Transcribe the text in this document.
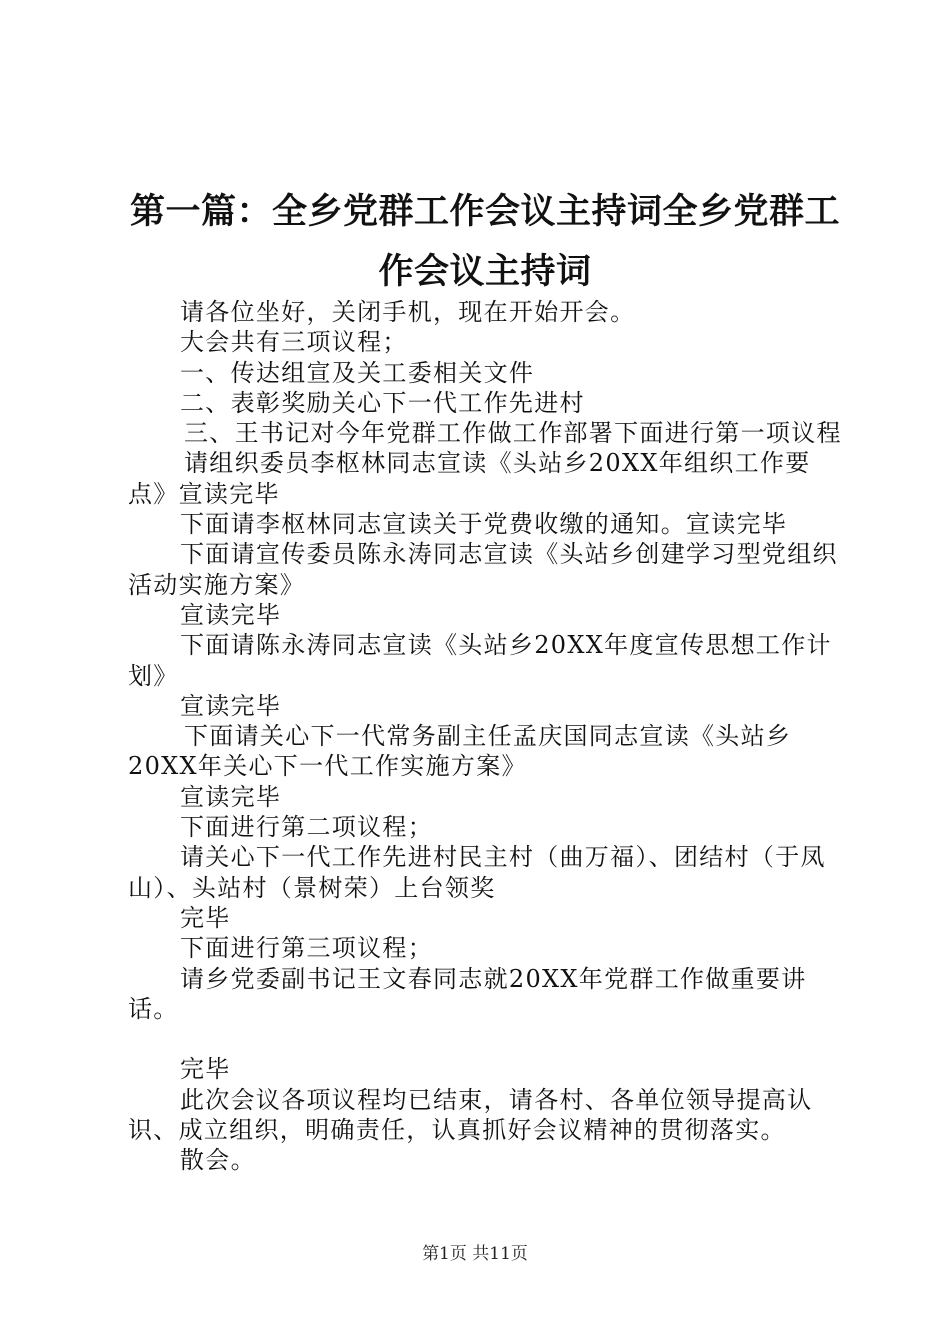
第一篇：全乡党群工作会议主持词全乡党群工
作会议主持词

请各位坐好，关闭手机，现在开始开会。

大会共有三项议程；

一、传达组宣及关工委相关文件

二、表彰奖励关心下一代工作先进村

三、王书记对今年党群工作做工作部署下面进行第一项议程

请组织委员李枢林同志宣读《头站乡20XX年组织工作要点》宣读完毕

下面请李枢林同志宣读关于党费收缴的通知。宣读完毕

下面请宣传委员陈永涛同志宣读《头站乡创建学习型党组织活动实施方案》

宣读完毕

下面请陈永涛同志宣读《头站乡20XX年度宣传思想工作计划》

宣读完毕

下面请关心下一代常务副主任孟庆国同志宣读《头站乡20XX年关心下一代工作实施方案》

宣读完毕

下面进行第二项议程；

请关心下一代工作先进村民主村（曲万福）、团结村（于凤山）、头站村（景树荣）上台领奖

完毕

下面进行第三项议程；

请乡党委副书记王文春同志就20XX年党群工作做重要讲话。

完毕

此次会议各项议程均已结束，请各村、各单位领导提高认识、成立组织，明确责任，认真抓好会议精神的贯彻落实。

散会。

第1页 共11页
